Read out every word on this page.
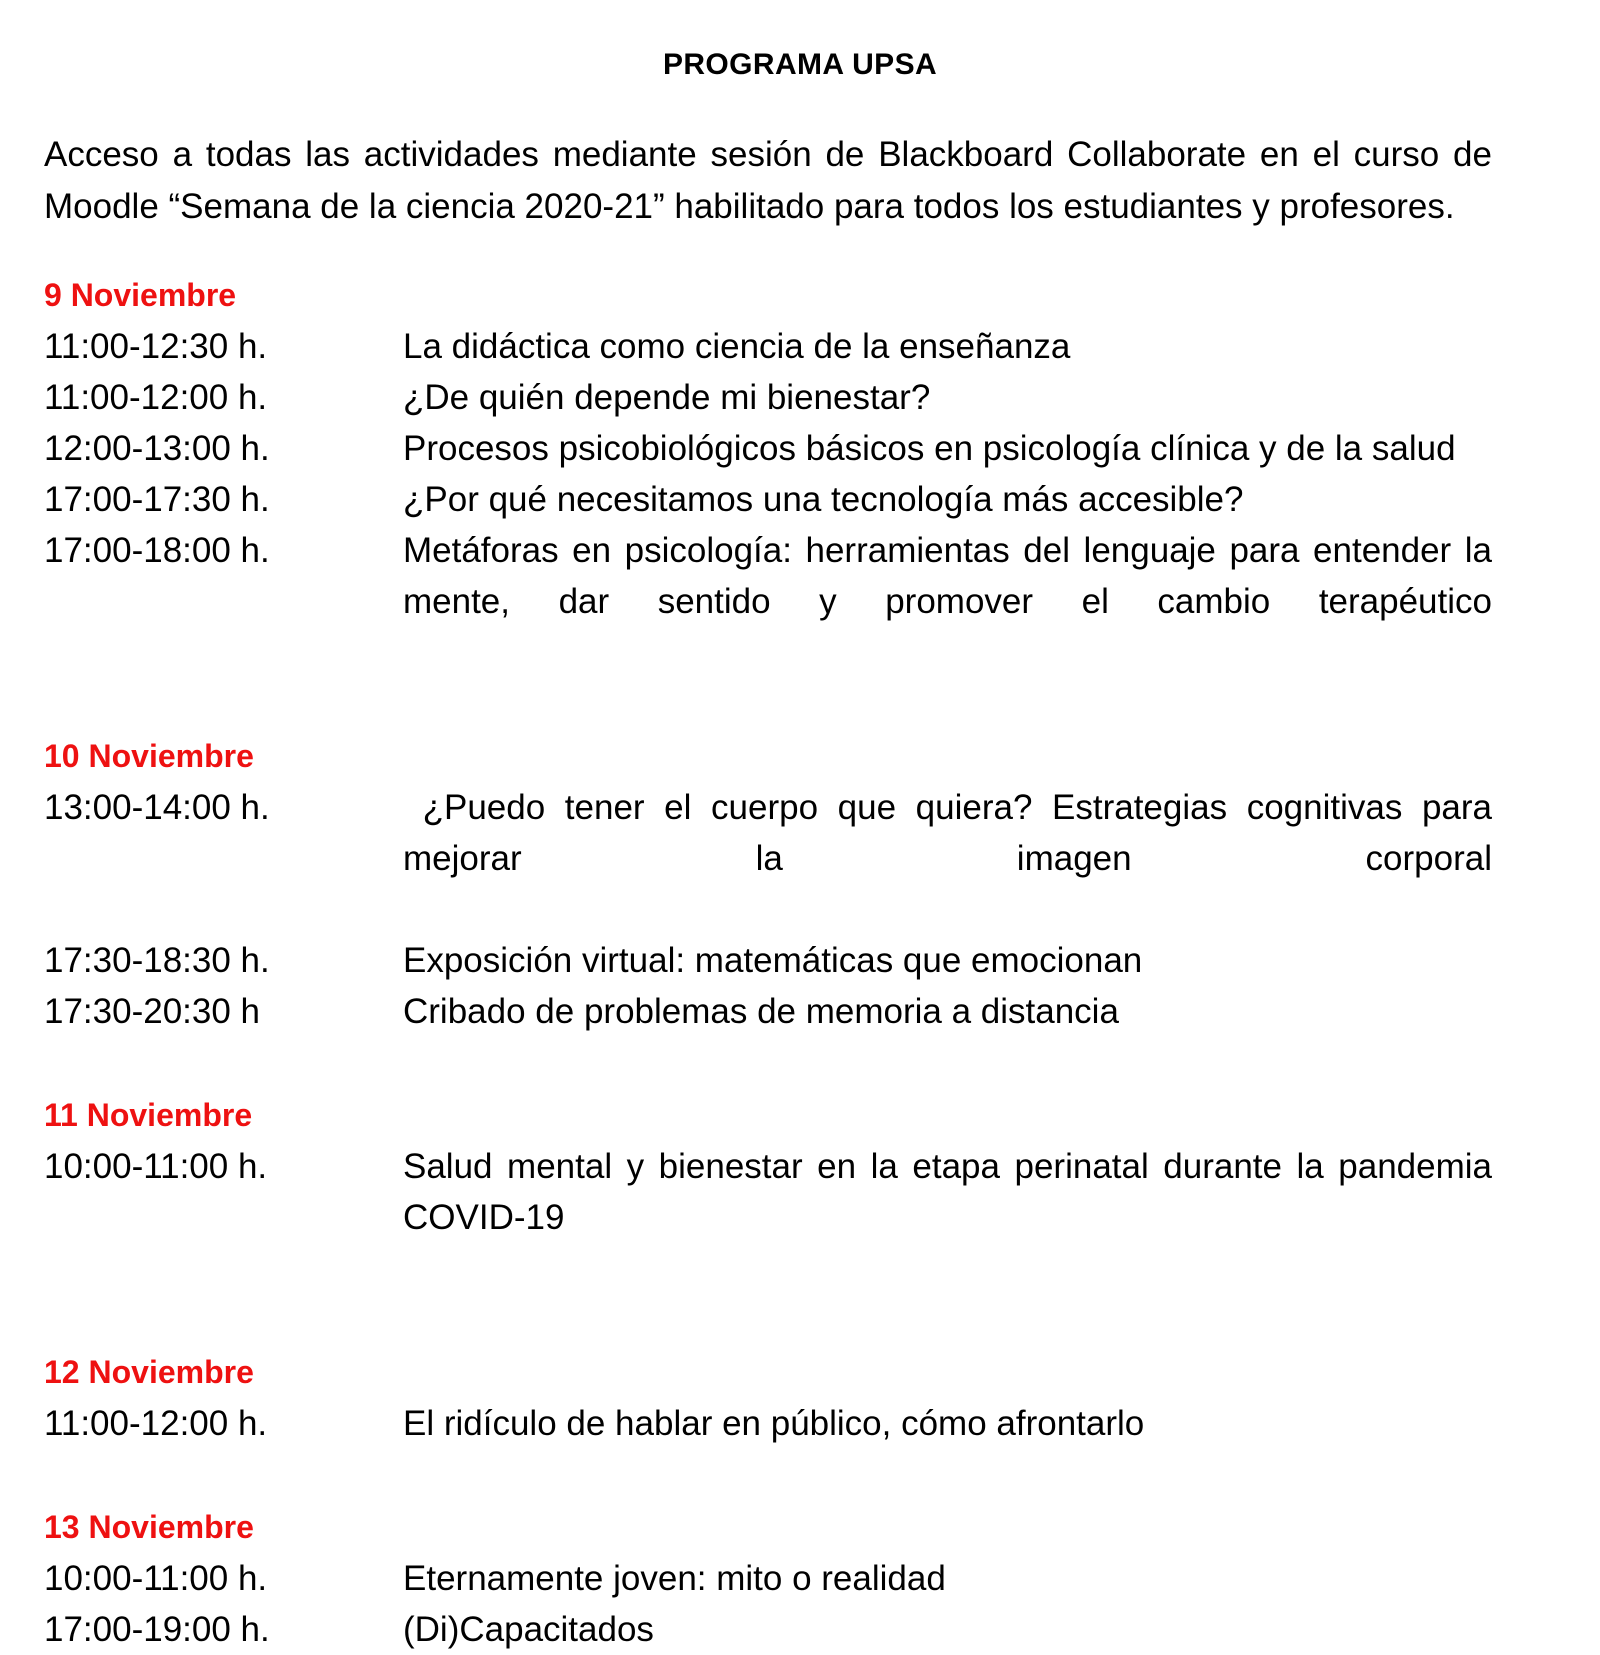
PROGRAMA UPSA

Acceso a todas las actividades mediante sesión de Blackboard Collaborate en el curso de Moodle “Semana de la ciencia 2020-21” habilitado para todos los estudiantes y profesores.

9 Noviembre
11:00-12:30 h.	La didáctica como ciencia de la enseñanza
11:00-12:00 h.	¿De quién depende mi bienestar?
12:00-13:00 h.	Procesos psicobiológicos básicos en psicología clínica y de la salud
17:00-17:30 h.	¿Por qué necesitamos una tecnología más accesible?
17:00-18:00 h.	Metáforas en psicología: herramientas del lenguaje para entender la mente, dar sentido y promover el cambio terapéutico
10 Noviembre
13:00-14:00 h.	¿Puedo tener el cuerpo que quiera? Estrategias cognitivas para mejorar la imagen corporal
17:30-18:30 h.	Exposición virtual: matemáticas que emocionan
17:30-20:30 h	Cribado de problemas de memoria a distancia
11 Noviembre
10:00-11:00 h.	Salud mental y bienestar en la etapa perinatal durante la pandemia COVID-19
12 Noviembre
11:00-12:00 h.	El ridículo de hablar en público, cómo afrontarlo
13 Noviembre
10:00-11:00 h.	Eternamente joven: mito o realidad
17:00-19:00 h.	(Di)Capacitados
